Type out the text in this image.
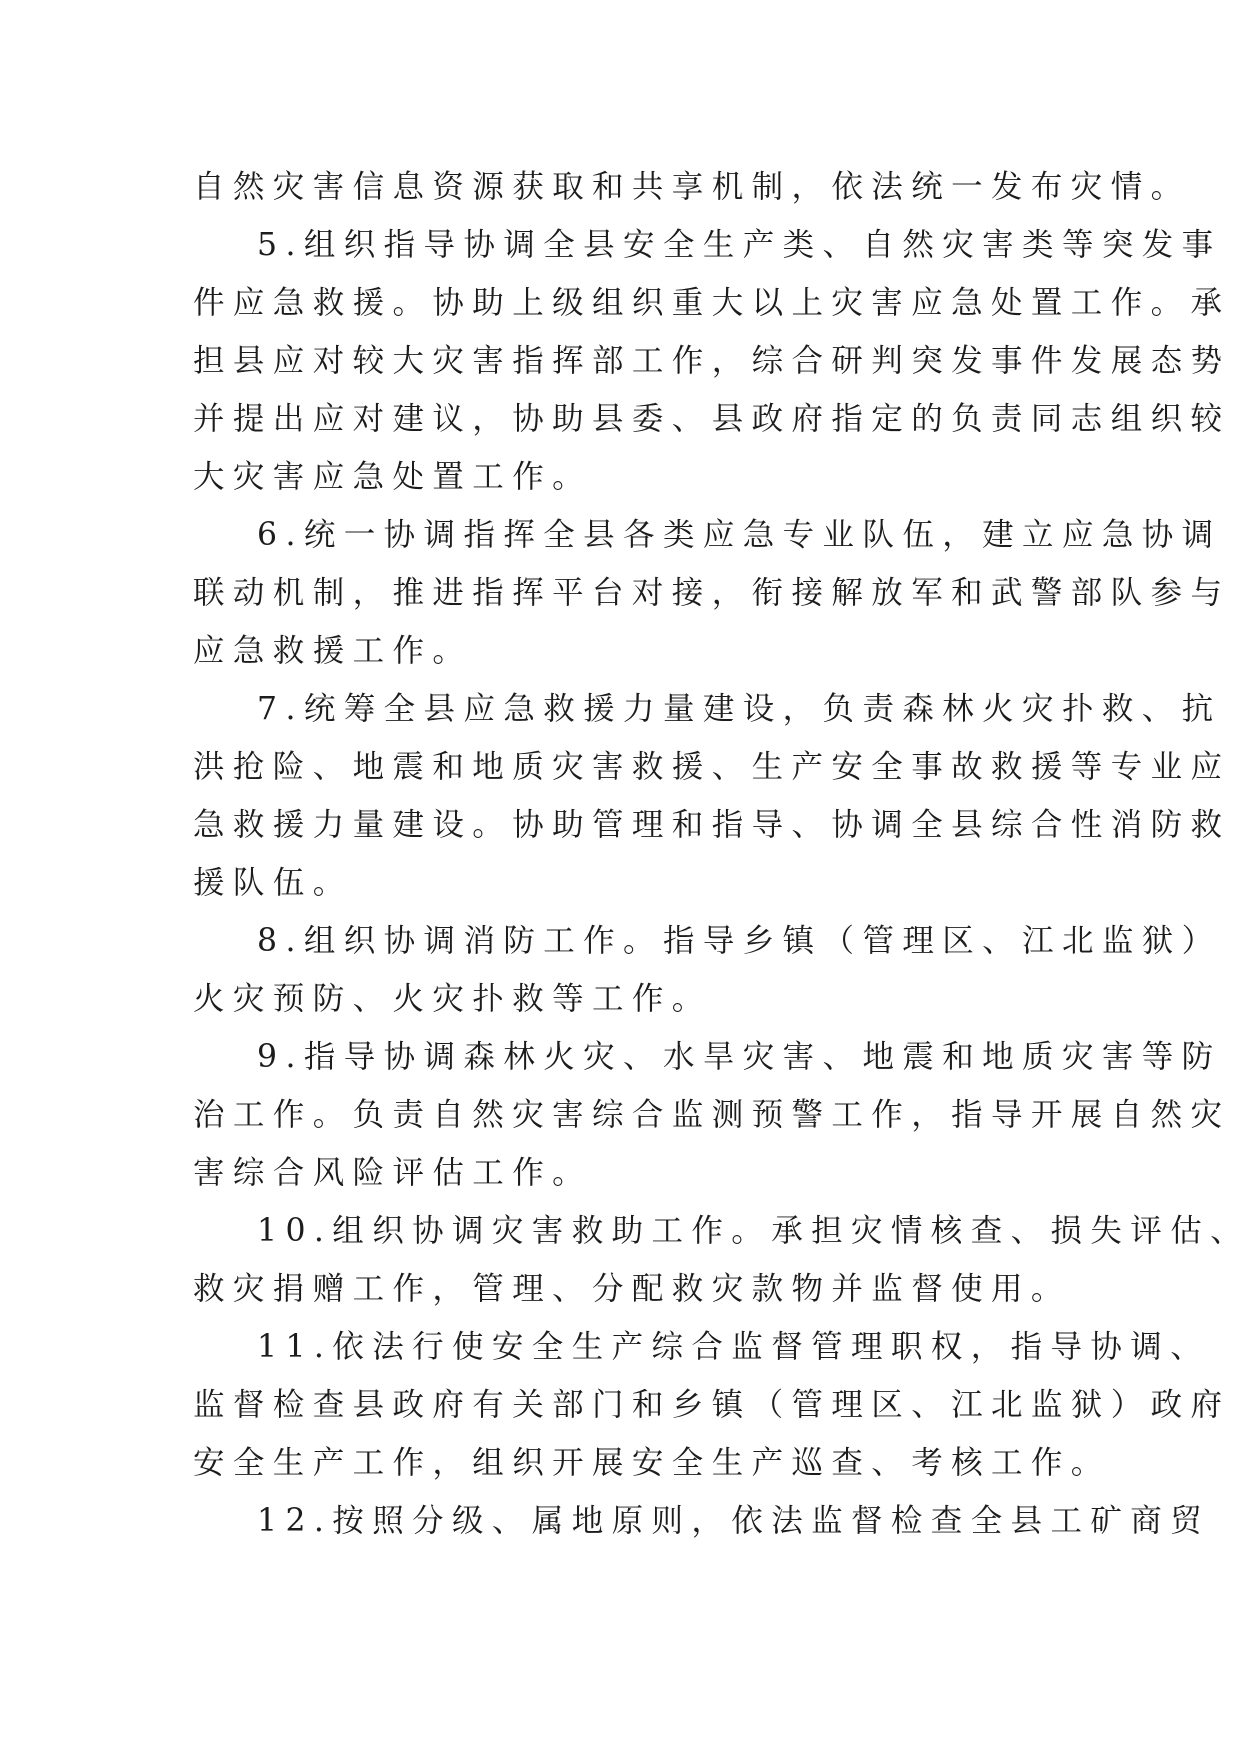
自然灾害信息资源获取和共享机制，依法统一发布灾情。
5.组织指导协调全县安全生产类、自然灾害类等突发事
件应急救援。协助上级组织重大以上灾害应急处置工作。承
担县应对较大灾害指挥部工作，综合研判突发事件发展态势
并提出应对建议，协助县委、县政府指定的负责同志组织较
大灾害应急处置工作。
6.统一协调指挥全县各类应急专业队伍，建立应急协调
联动机制，推进指挥平台对接，衔接解放军和武警部队参与
应急救援工作。
7.统筹全县应急救援力量建设，负责森林火灾扑救、抗
洪抢险、地震和地质灾害救援、生产安全事故救援等专业应
急救援力量建设。协助管理和指导、协调全县综合性消防救
援队伍。
8.组织协调消防工作。指导乡镇（管理区、江北监狱）
火灾预防、火灾扑救等工作。
9.指导协调森林火灾、水旱灾害、地震和地质灾害等防
治工作。负责自然灾害综合监测预警工作，指导开展自然灾
害综合风险评估工作。
10.组织协调灾害救助工作。承担灾情核查、损失评估、
救灾捐赠工作，管理、分配救灾款物并监督使用。
11.依法行使安全生产综合监督管理职权，指导协调、
监督检查县政府有关部门和乡镇（管理区、江北监狱）政府
安全生产工作，组织开展安全生产巡查、考核工作。
12.按照分级、属地原则，依法监督检查全县工矿商贸
